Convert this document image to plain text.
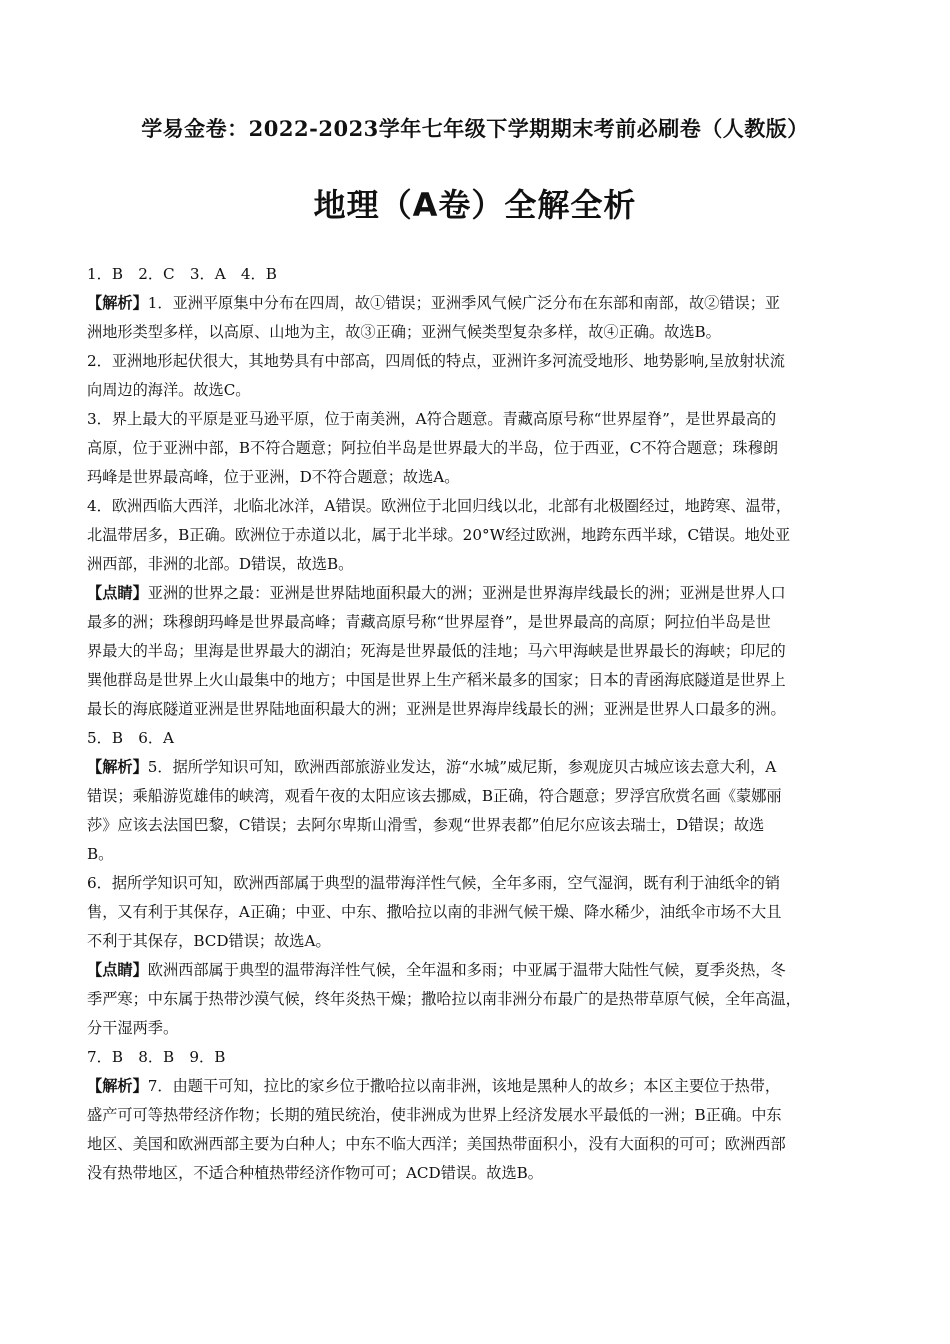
学易金卷：2022-2023学年七年级下学期期末考前必刷卷（人教版）
地理（A卷）全解全析
1．B　2．C　3．A　4．B
【解析】1．亚洲平原集中分布在四周，故①错误；亚洲季风气候广泛分布在东部和南部，故②错误；亚
洲地形类型多样，以高原、山地为主，故③正确；亚洲气候类型复杂多样，故④正确。故选B。
2．亚洲地形起伏很大，其地势具有中部高，四周低的特点，亚洲许多河流受地形、地势影响,呈放射状流
向周边的海洋。故选C。
3．界上最大的平原是亚马逊平原，位于南美洲，A符合题意。青藏高原号称“世界屋脊”，是世界最高的
高原，位于亚洲中部，B不符合题意；阿拉伯半岛是世界最大的半岛，位于西亚，C不符合题意；珠穆朗
玛峰是世界最高峰，位于亚洲，D不符合题意；故选A。
4．欧洲西临大西洋，北临北冰洋，A错误。欧洲位于北回归线以北，北部有北极圈经过，地跨寒、温带，
北温带居多，B正确。欧洲位于赤道以北，属于北半球。20°W经过欧洲，地跨东西半球，C错误。地处亚
洲西部，非洲的北部。D错误，故选B。
【点睛】亚洲的世界之最：亚洲是世界陆地面积最大的洲；亚洲是世界海岸线最长的洲；亚洲是世界人口
最多的洲；珠穆朗玛峰是世界最高峰；青藏高原号称“世界屋脊”，是世界最高的高原；阿拉伯半岛是世
界最大的半岛；里海是世界最大的湖泊；死海是世界最低的洼地；马六甲海峡是世界最长的海峡；印尼的
巽他群岛是世界上火山最集中的地方；中国是世界上生产稻米最多的国家；日本的青函海底隧道是世界上
最长的海底隧道亚洲是世界陆地面积最大的洲；亚洲是世界海岸线最长的洲；亚洲是世界人口最多的洲。
5．B　6．A
【解析】5．据所学知识可知，欧洲西部旅游业发达，游“水城”威尼斯，参观庞贝古城应该去意大利，A
错误；乘船游览雄伟的峡湾，观看午夜的太阳应该去挪威，B正确，符合题意；罗浮宫欣赏名画《蒙娜丽
莎》应该去法国巴黎，C错误；去阿尔卑斯山滑雪，参观“世界表都”伯尼尔应该去瑞士，D错误；故选
B。
6．据所学知识可知，欧洲西部属于典型的温带海洋性气候，全年多雨，空气湿润，既有利于油纸伞的销
售，又有利于其保存，A正确；中亚、中东、撒哈拉以南的非洲气候干燥、降水稀少，油纸伞市场不大且
不利于其保存，BCD错误；故选A。
【点睛】欧洲西部属于典型的温带海洋性气候，全年温和多雨；中亚属于温带大陆性气候，夏季炎热，冬
季严寒；中东属于热带沙漠气候，终年炎热干燥；撒哈拉以南非洲分布最广的是热带草原气候，全年高温，
分干湿两季。
7．B　8．B　9．B
【解析】7．由题干可知，拉比的家乡位于撒哈拉以南非洲，该地是黑种人的故乡；本区主要位于热带，
盛产可可等热带经济作物；长期的殖民统治，使非洲成为世界上经济发展水平最低的一洲；B正确。中东
地区、美国和欧洲西部主要为白种人；中东不临大西洋；美国热带面积小，没有大面积的可可；欧洲西部
没有热带地区，不适合种植热带经济作物可可；ACD错误。故选B。
